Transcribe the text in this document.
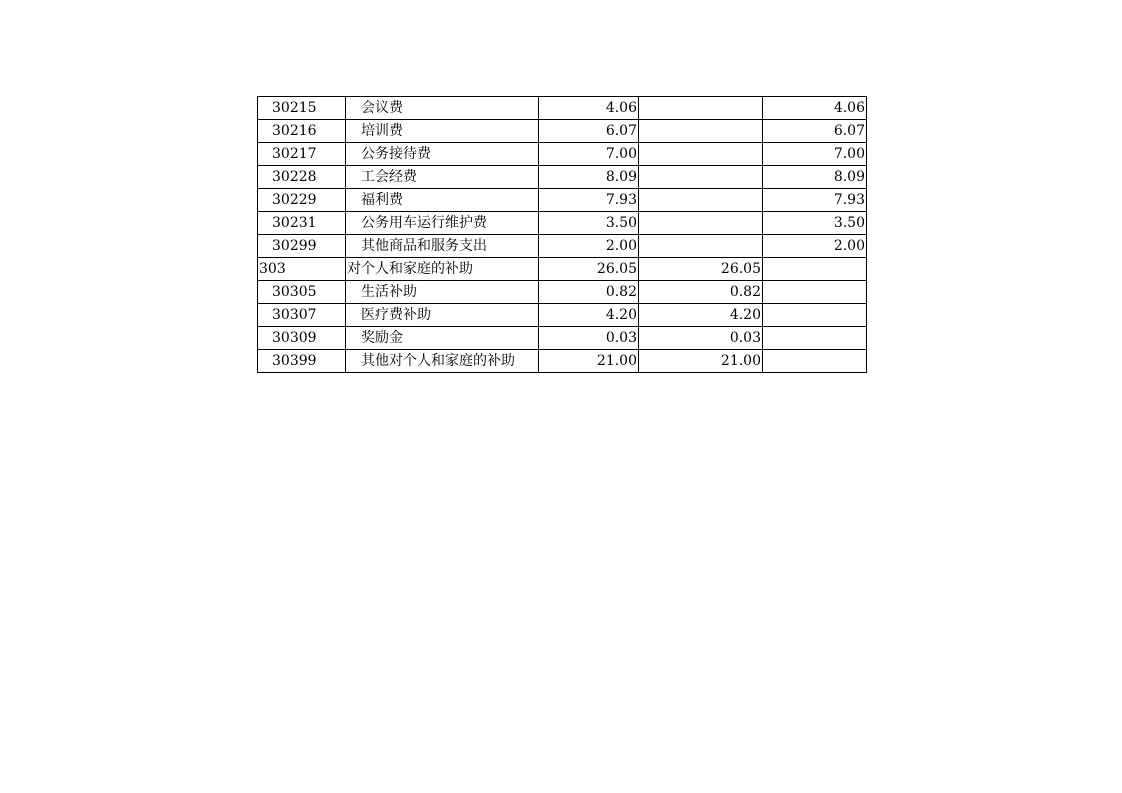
30215	会议费	4.06		4.06
30216	培训费	6.07		6.07
30217	公务接待费	7.00		7.00
30228	工会经费	8.09		8.09
30229	福利费	7.93		7.93
30231	公务用车运行维护费	3.50		3.50
30299	其他商品和服务支出	2.00		2.00
303	对个人和家庭的补助	26.05	26.05	
30305	生活补助	0.82	0.82	
30307	医疗费补助	4.20	4.20	
30309	奖励金	0.03	0.03	
30399	其他对个人和家庭的补助	21.00	21.00	
